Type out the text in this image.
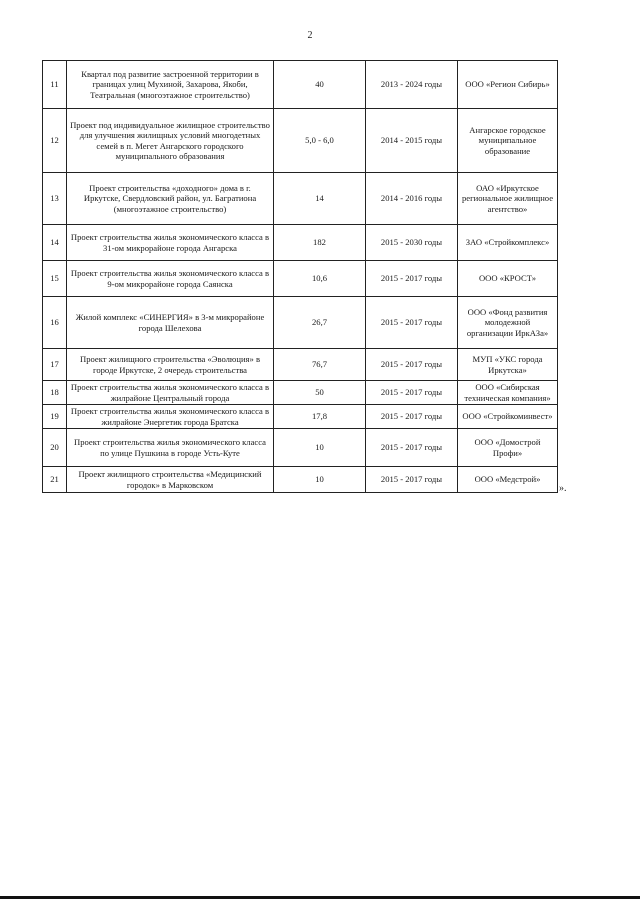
2
11	Квартал под развитие застроенной территории в границах улиц Мухиной, Захарова, Якоби, Театральная (многоэтажное строительство)	40	2013 - 2024 годы	ООО «Регион Сибирь»
12	Проект под индивидуальное жилищное строительство для улучшения жилищных условий многодетных семей в п. Мегет Ангарского городского муниципального образования	5,0 - 6,0	2014 - 2015 годы	Ангарское городское муниципальное образование
13	Проект строительства «доходного» дома в г. Иркутске, Свердловский район, ул. Багратиона (многоэтажное строительство)	14	2014 - 2016 годы	ОАО «Иркутское региональное жилищное агентство»
14	Проект строительства жилья экономического класса в 31-ом микрорайоне города Ангарска	182	2015 - 2030 годы	ЗАО «Стройкомплекс»
15	Проект строительства жилья экономического класса в 9-ом микрорайоне города Саянска	10,6	2015 - 2017 годы	ООО «КРОСТ»
16	Жилой комплекс «СИНЕРГИЯ» в 3-м микрорайоне города Шелехова	26,7	2015 - 2017 годы	ООО «Фонд развития молодежной организации ИркАЗа»
17	Проект жилищного строительства «Эволюция» в городе Иркутске, 2 очередь строительства	76,7	2015 - 2017 годы	МУП «УКС города Иркутска»
18	Проект строительства жилья экономического класса в жилрайоне Центральный города	50	2015 - 2017 годы	ООО «Сибирская техническая компания»
19	Проект строительства жилья экономического класса в жилрайоне Энергетик города Братска	17,8	2015 - 2017 годы	ООО «Стройкоминвест»
20	Проект строительства жилья экономического класса по улице Пушкина в городе Усть-Куте	10	2015 - 2017 годы	ООО «Домострой Профи»
21	Проект жилищного строительства «Медицинский городок» в Марковском	10	2015 - 2017 годы	ООО «Медстрой»
».
